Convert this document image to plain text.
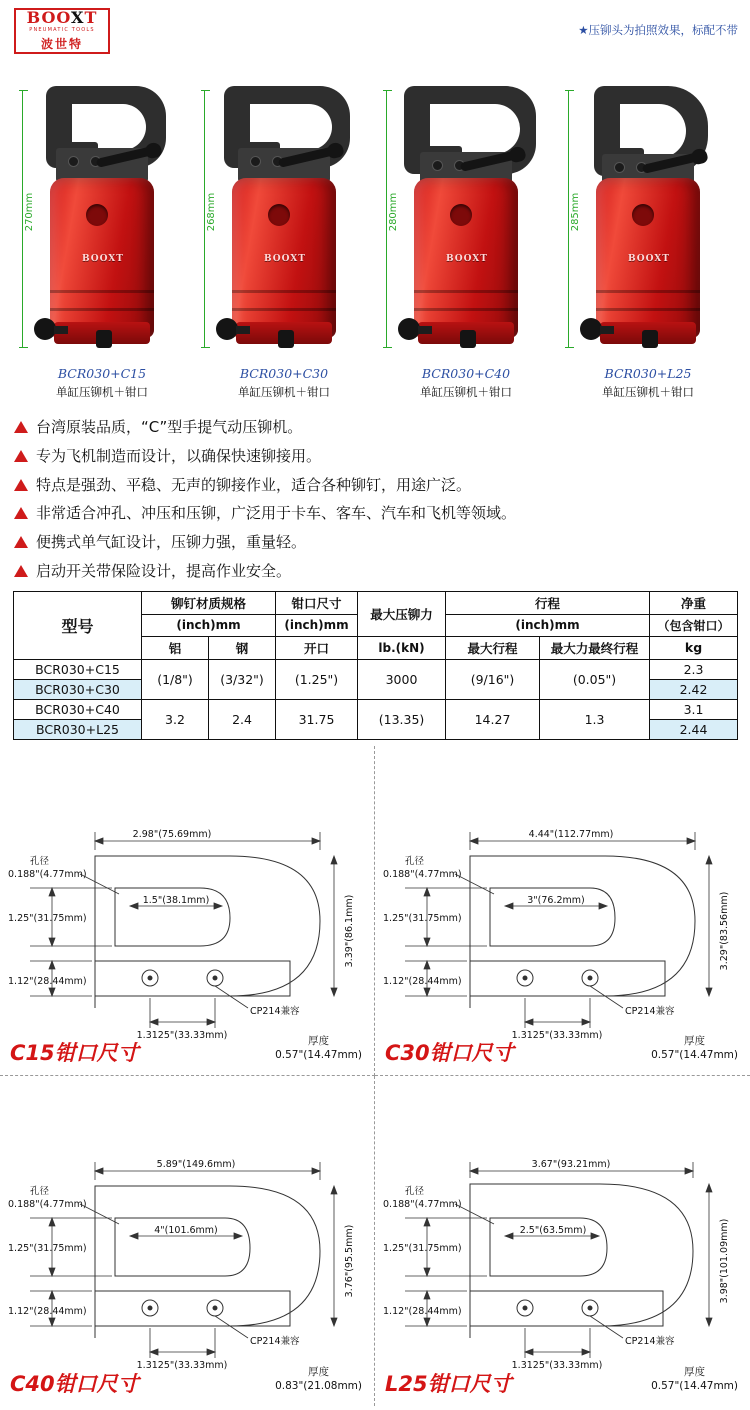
BOOXT
PNEUMATIC TOOLS
波世特
★压铆头为拍照效果，标配不带
270mm
BOOXT
BCR030+C15
单缸压铆机＋钳口
268mm
BOOXT
BCR030+C30
单缸压铆机＋钳口
280mm
BOOXT
BCR030+C40
单缸压铆机＋钳口
285mm
BOOXT
BCR030+L25
单缸压铆机＋钳口
台湾原装品质，“C”型手提气动压铆机。
专为飞机制造而设计，以确保快速铆接用。
特点是强劲、平稳、无声的铆接作业，适合各种铆钉，用途广泛。
非常适合冲孔、冲压和压铆，广泛用于卡车、客车、汽车和飞机等领域。
便携式单气缸设计，压铆力强，重量轻。
启动开关带保险设计，提高作业安全。
型号	铆钉材质规格		钳口尺寸	最大压铆力	行程		净重
	(inch)mm		(inch)mm		(inch)mm		（包含钳口）
	铝	钢	开口	lb.(kN)	最大行程	最大力最终行程	kg
BCR030+C15	(1/8")	(3/32")	(1.25")	3000	(9/16")	(0.05")	2.3
BCR030+C30							2.42
BCR030+C40	3.2	2.4	31.75	(13.35)	14.27	1.3	3.1
BCR030+L25							2.44
2.98"(75.69mm)
3.39"(86.1mm)
孔径
0.188"(4.77mm)
1.25"(31.75mm)
1.5"(38.1mm)
1.12"(28.44mm)
1.3125"(33.33mm)
CP214兼容
厚度
0.57"(14.47mm)
C15钳口尺寸
4.44"(112.77mm)
3.29"(83.56mm)
孔径
0.188"(4.77mm)
1.25"(31.75mm)
3"(76.2mm)
1.12"(28.44mm)
1.3125"(33.33mm)
CP214兼容
厚度
0.57"(14.47mm)
C30钳口尺寸
5.89"(149.6mm)
3.76"(95.5mm)
孔径
0.188"(4.77mm)
1.25"(31.75mm)
4"(101.6mm)
1.12"(28.44mm)
1.3125"(33.33mm)
CP214兼容
厚度
0.83"(21.08mm)
C40钳口尺寸
3.67"(93.21mm)
3.98"(101.09mm)
孔径
0.188"(4.77mm)
1.25"(31.75mm)
2.5"(63.5mm)
1.12"(28.44mm)
1.3125"(33.33mm)
CP214兼容
厚度
0.57"(14.47mm)
L25钳口尺寸
